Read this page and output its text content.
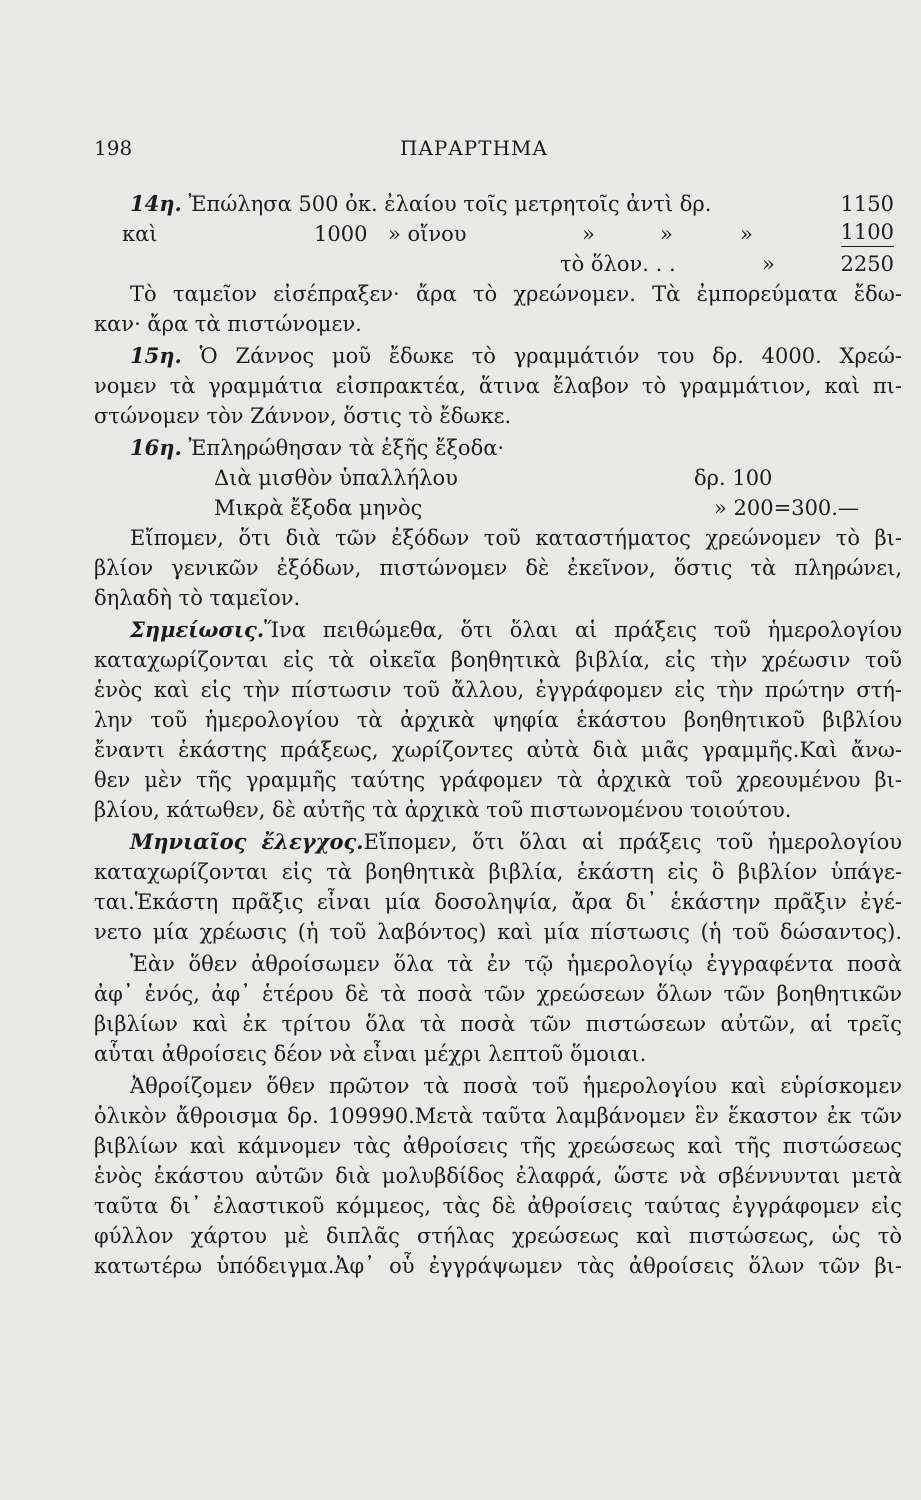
198	ΠΑΡΑΡΤΗΜΑ
14η. Ἐπώλησα 500 ὀκ. ἐλαίου τοῖς μετρητοῖς ἀντὶ δρ.	1150
καὶ	1000 » οἴνου	»	»	»	1100
τὸ ὅλον. . .	»	2250
Τὸ ταμεῖον εἰσέπραξεν· ἄρα τὸ χρεώνομεν. Τὰ ἐμπορεύματα ἔδω-
καν· ἄρα τὰ πιστώνομεν.
15η. Ὁ Ζάννος μοῦ ἔδωκε τὸ γραμμάτιόν του δρ. 4000. Χρεώ-
νομεν τὰ γραμμάτια εἰσπρακτέα, ἅτινα ἔλαβον τὸ γραμμάτιον, καὶ πι-
στώνομεν τὸν Ζάννον, ὅστις τὸ ἔδωκε.
16η. Ἐπληρώθησαν τὰ ἑξῆς ἔξοδα·
Διὰ μισθὸν ὑπαλλήλου	δρ. 100
Μικρὰ ἔξοδα μηνὸς	» 200=300.—
Εἴπομεν, ὅτι διὰ τῶν ἐξόδων τοῦ καταστήματος χρεώνομεν τὸ βι-
βλίον γενικῶν ἐξόδων, πιστώνομεν δὲ ἐκεῖνον, ὅστις τὰ πληρώνει,
δηλαδὴ τὸ ταμεῖον.
Σημείωσις.Ἵνα πειθώμεθα, ὅτι ὅλαι αἱ πράξεις τοῦ ἡμερολογίου
καταχωρίζονται εἰς τὰ οἰκεῖα βοηθητικὰ βιβλία, εἰς τὴν χρέωσιν τοῦ
ἑνὸς καὶ εἰς τὴν πίστωσιν τοῦ ἄλλου, ἐγγράφομεν εἰς τὴν πρώτην στή-
λην τοῦ ἡμερολογίου τὰ ἀρχικὰ ψηφία ἑκάστου βοηθητικοῦ βιβλίου
ἔναντι ἑκάστης πράξεως, χωρίζοντες αὐτὰ διὰ μιᾶς γραμμῆς.Καὶ ἄνω-
θεν μὲν τῆς γραμμῆς ταύτης γράφομεν τὰ ἀρχικὰ τοῦ χρεουμένου βι-
βλίου, κάτωθεν, δὲ αὐτῆς τὰ ἀρχικὰ τοῦ πιστωνομένου τοιούτου.
Μηνιαῖος ἔλεγχος.Εἴπομεν, ὅτι ὅλαι αἱ πράξεις τοῦ ἡμερολογίου
καταχωρίζονται εἰς τὰ βοηθητικὰ βιβλία, ἑκάστη εἰς ὃ βιβλίον ὑπάγε-
ται.Ἑκάστη πρᾶξις εἶναι μία δοσοληψία, ἄρα δι᾽ ἑκάστην πρᾶξιν ἐγέ-
νετο μία χρέωσις (ἡ τοῦ λαβόντος) καὶ μία πίστωσις (ἡ τοῦ δώσαντος).
Ἐὰν ὅθεν ἀθροίσωμεν ὅλα τὰ ἐν τῷ ἡμερολογίῳ ἐγγραφέντα ποσὰ
ἀφ᾽ ἑνός, ἀφ᾽ ἑτέρου δὲ τὰ ποσὰ τῶν χρεώσεων ὅλων τῶν βοηθητικῶν
βιβλίων καὶ ἐκ τρίτου ὅλα τὰ ποσὰ τῶν πιστώσεων αὐτῶν, αἱ τρεῖς
αὗται ἀθροίσεις δέον νὰ εἶναι μέχρι λεπτοῦ ὅμοιαι.
Ἀθροίζομεν ὅθεν πρῶτον τὰ ποσὰ τοῦ ἡμερολογίου καὶ εὑρίσκομεν
ὁλικὸν ἄθροισμα δρ. 109990.Μετὰ ταῦτα λαμβάνομεν ἓν ἕκαστον ἐκ τῶν
βιβλίων καὶ κάμνομεν τὰς ἀθροίσεις τῆς χρεώσεως καὶ τῆς πιστώσεως
ἑνὸς ἑκάστου αὐτῶν διὰ μολυβδίδος ἐλαφρά, ὥστε νὰ σβέννυνται μετὰ
ταῦτα δι᾽ ἐλαστικοῦ κόμμεος, τὰς δὲ ἀθροίσεις ταύτας ἐγγράφομεν εἰς
φύλλον χάρτου μὲ διπλᾶς στήλας χρεώσεως καὶ πιστώσεως, ὡς τὸ
κατωτέρω ὑπόδειγμα.Ἀφ᾽ οὗ ἐγγράψωμεν τὰς ἀθροίσεις ὅλων τῶν βι-
